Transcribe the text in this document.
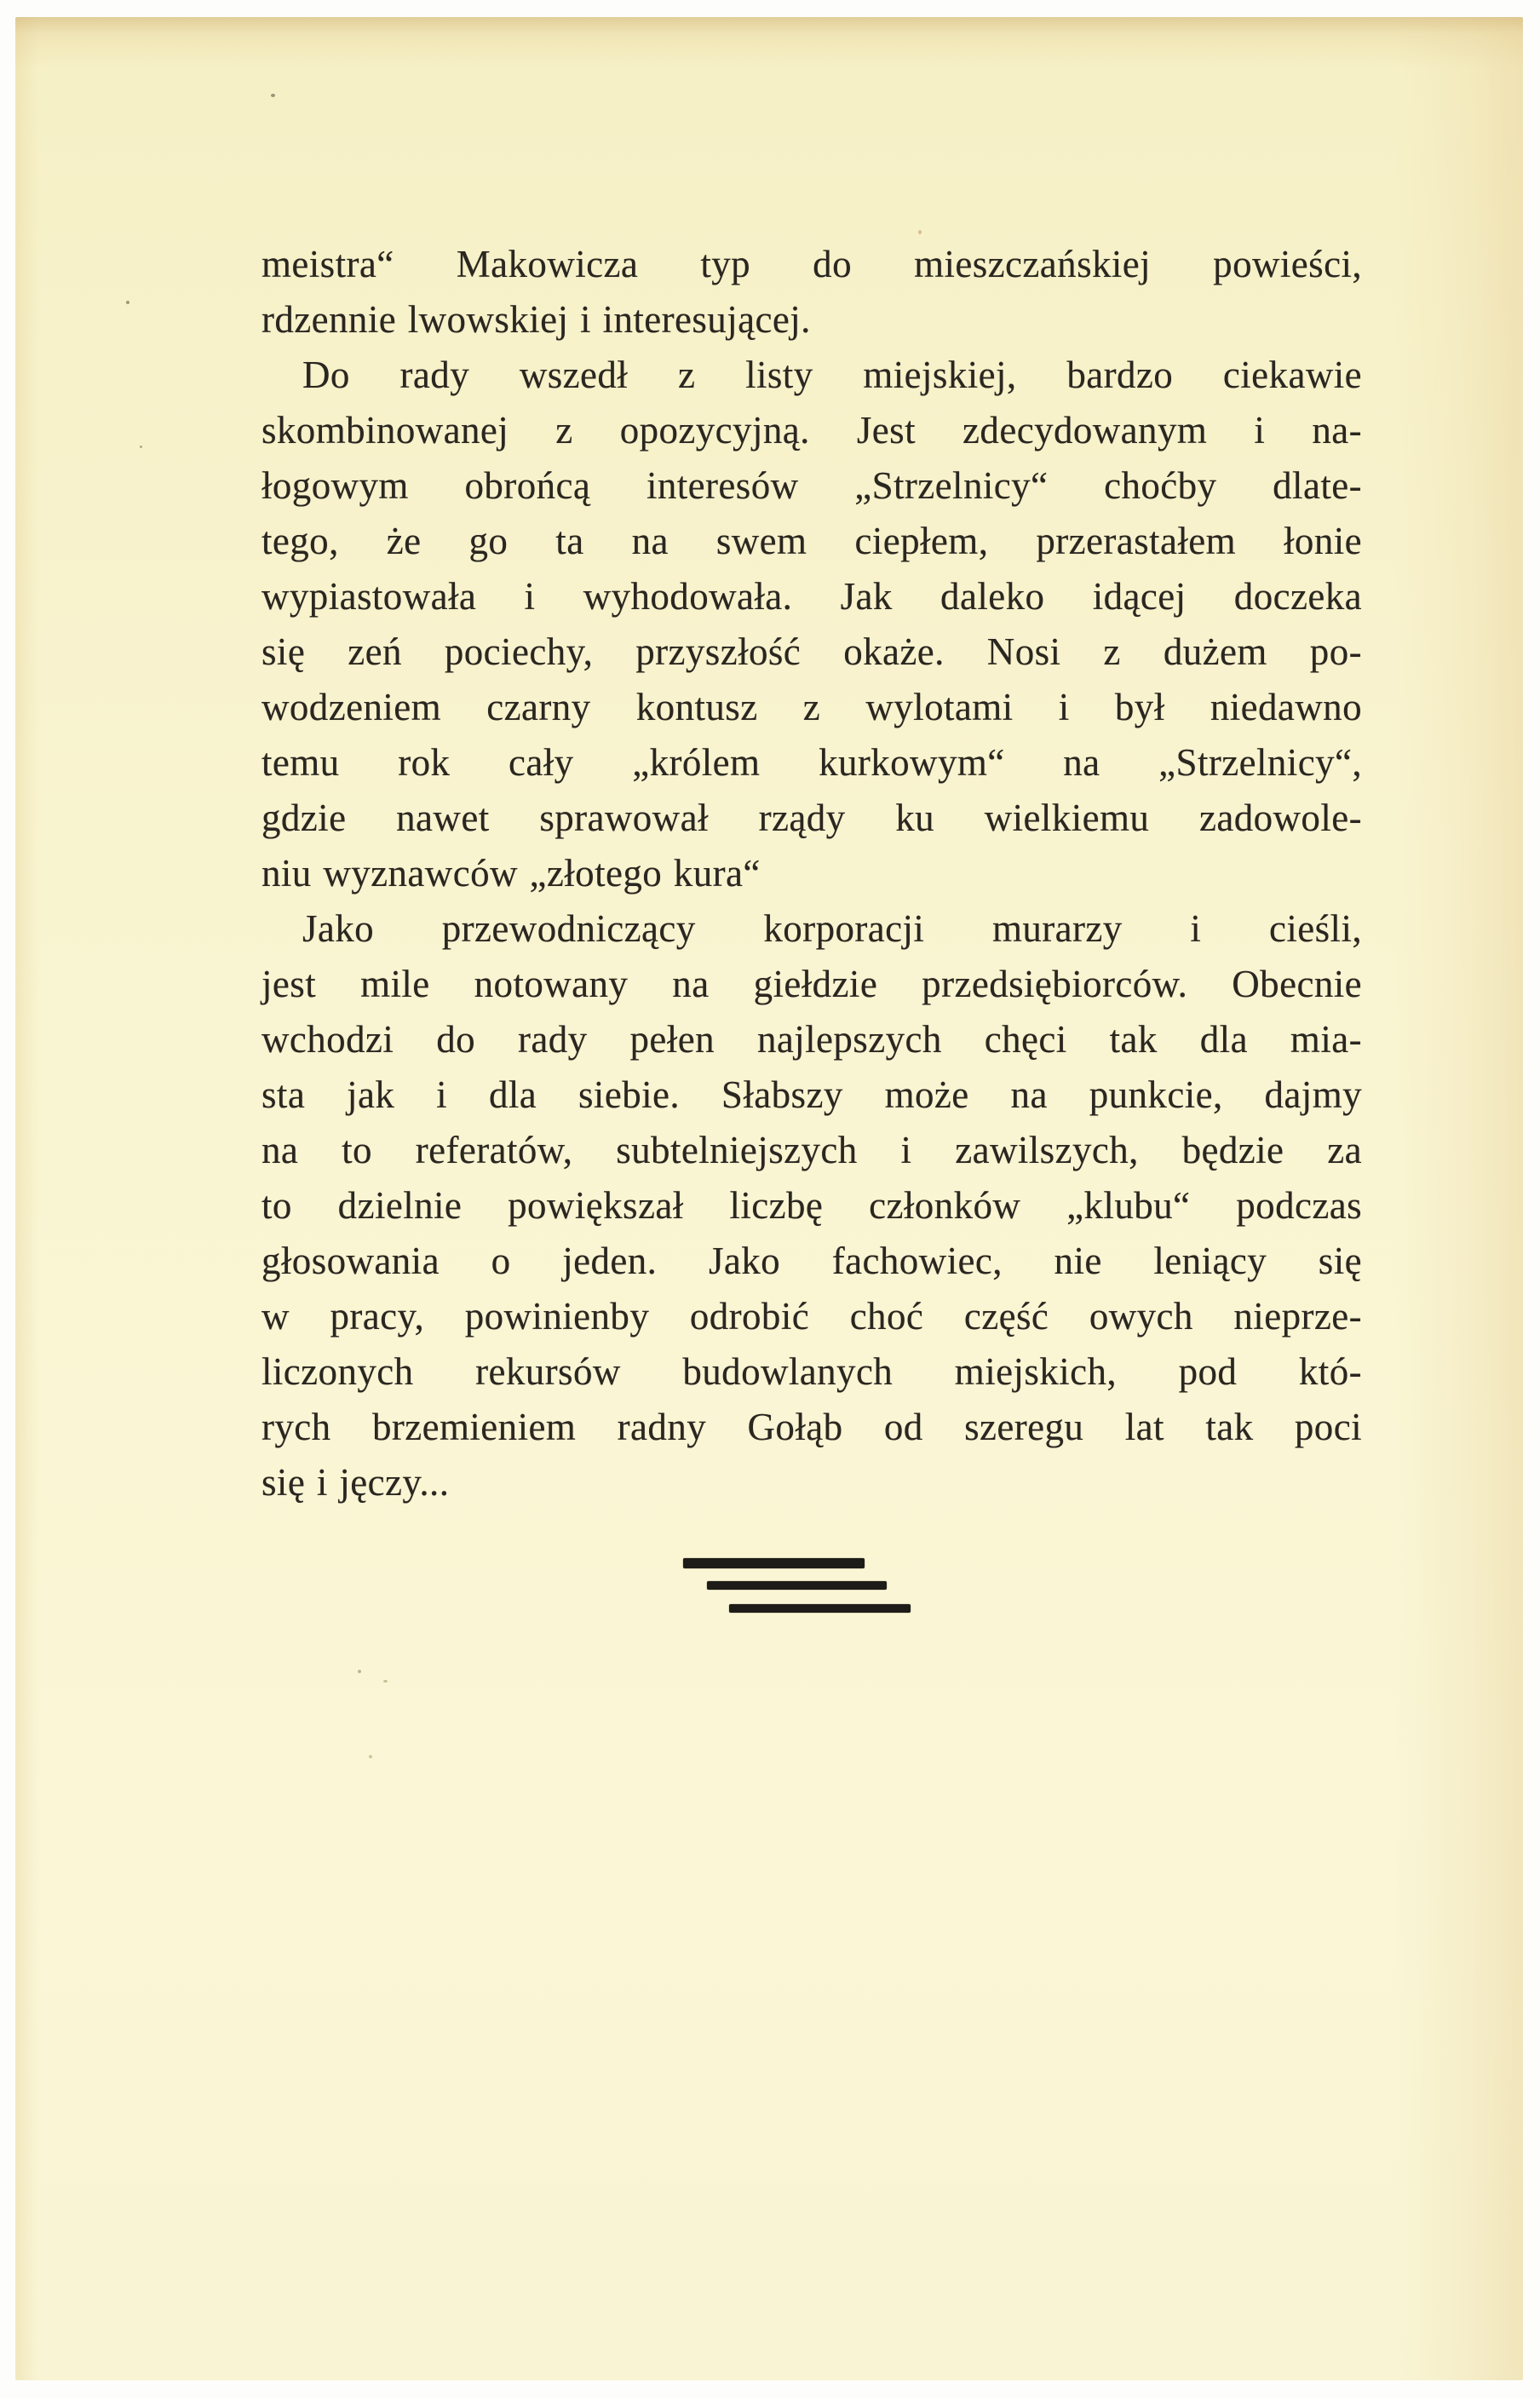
meistra“ Makowicza typ do mieszczańskiej powieści,
rdzennie lwowskiej i interesującej.
Do rady wszedł z listy miejskiej, bardzo ciekawie
skombinowanej z opozycyjną. Jest zdecydowanym i na-
łogowym obrońcą interesów „Strzelnicy“ choćby dlate-
tego, że go ta na swem ciepłem, przerastałem łonie
wypiastowała i wyhodowała. Jak daleko idącej doczeka
się zeń pociechy, przyszłość okaże. Nosi z dużem po-
wodzeniem czarny kontusz z wylotami i był niedawno
temu rok cały „królem kurkowym“ na „Strzelnicy“,
gdzie nawet sprawował rządy ku wielkiemu zadowole-
niu wyznawców „złotego kura“
Jako przewodniczący korporacji murarzy i cieśli,
jest mile notowany na giełdzie przedsiębiorców. Obecnie
wchodzi do rady pełen najlepszych chęci tak dla mia-
sta jak i dla siebie. Słabszy może na punkcie, dajmy
na to referatów, subtelniejszych i zawilszych, będzie za
to dzielnie powiększał liczbę członków „klubu“ podczas
głosowania o jeden. Jako fachowiec, nie leniący się
w pracy, powinienby odrobić choć część owych nieprze-
liczonych rekursów budowlanych miejskich, pod któ-
rych brzemieniem radny Gołąb od szeregu lat tak poci
się i jęczy...
